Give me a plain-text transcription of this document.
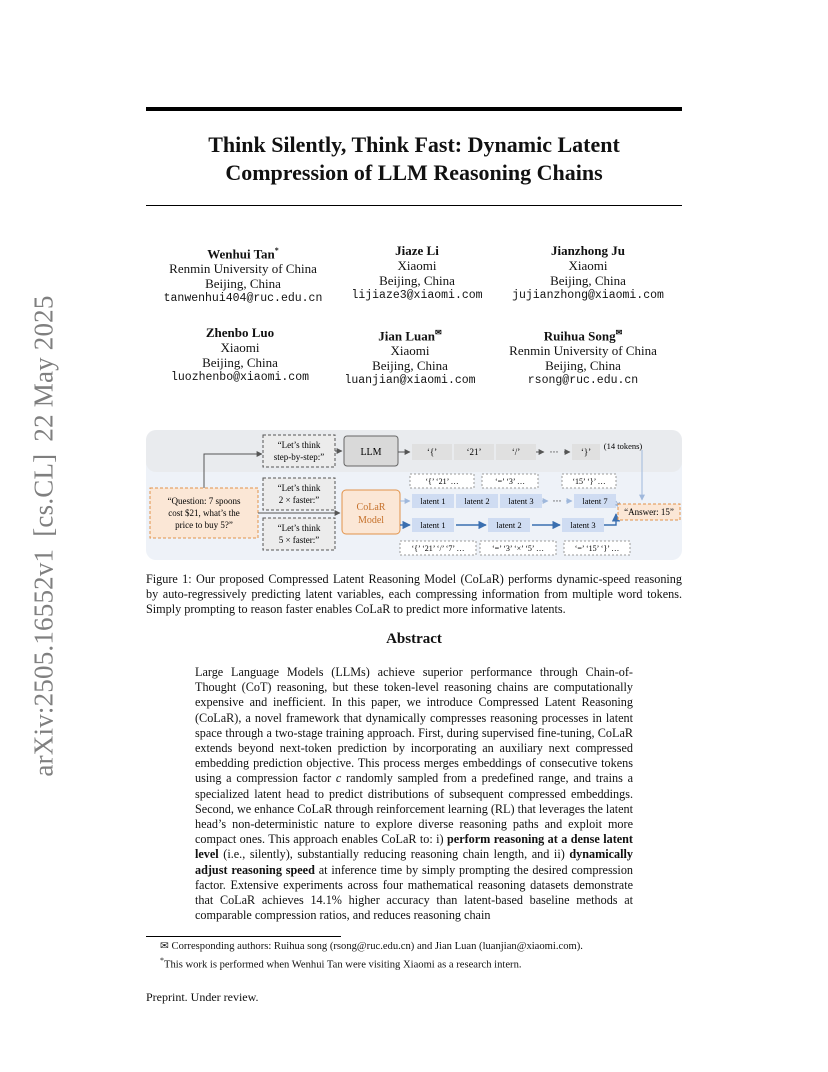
arXiv:2505.16552v1[cs.CL]22 May 2025
Think Silently, Think Fast: Dynamic Latent
Compression of LLM Reasoning Chains
Wenhui Tan*
Renmin University of China
Beijing, China
tanwenhui404@ruc.edu.cn
Jiaze Li
Xiaomi
Beijing, China
lijiaze3@xiaomi.com
Jianzhong Ju
Xiaomi
Beijing, China
jujianzhong@xiaomi.com
Zhenbo Luo
Xiaomi
Beijing, China
luozhenbo@xiaomi.com
Jian Luan✉
Xiaomi
Beijing, China
luanjian@xiaomi.com
Ruihua Song✉
Renmin University of China
Beijing, China
rsong@ruc.edu.cn
“Question: 7 spoons
cost $21, what’s the
price to buy 5?”
“Let’s think
step-by-step:”
“Let’s think
2 × faster:”
“Let’s think
5 × faster:”
LLM	‘{’	‘21’	‘/’	··· ‘}’
(14 tokens)
CoLaR
Model
‘{’ ‘21’ …	‘=’ ‘3’ …	‘15’ ‘}’ …
latent 1 latent 2 latent 3 ··· latent 7
latent 1	latent 2	latent 3
‘{’ ‘21’ ‘/’ ‘7’ …	‘=’ ‘3’ ‘×’ ‘5’ …	‘=’ ‘15’ ‘}’ …
“Answer: 15”
Figure 1: Our proposed Compressed Latent Reasoning Model (CoLaR) performs dynamic-speed reasoning by auto-regressively predicting latent variables, each compressing information from multiple word tokens. Simply prompting to reason faster enables CoLaR to predict more informative latents.
Abstract
Large Language Models (LLMs) achieve superior performance through Chain-of-Thought (CoT) reasoning, but these token-level reasoning chains are computationally expensive and inefficient. In this paper, we introduce Compressed Latent Reasoning (CoLaR), a novel framework that dynamically compresses reasoning processes in latent space through a two-stage training approach. First, during supervised fine-tuning, CoLaR extends beyond next-token prediction by incorporating an auxiliary next compressed embedding prediction objective. This process merges embeddings of consecutive tokens using a compression factor c randomly sampled from a predefined range, and trains a specialized latent head to predict distributions of subsequent compressed embeddings. Second, we enhance CoLaR through reinforcement learning (RL) that leverages the latent head’s non-deterministic nature to explore diverse reasoning paths and exploit more compact ones. This approach enables CoLaR to: i) perform reasoning at a dense latent level (i.e., silently), substantially reducing reasoning chain length, and ii) dynamically adjust reasoning speed at inference time by simply prompting the desired compression factor. Extensive experiments across four mathematical reasoning datasets demonstrate that CoLaR achieves 14.1% higher accuracy than latent-based baseline methods at comparable compression ratios, and reduces reasoning chain
✉ Corresponding authors: Ruihua song (rsong@ruc.edu.cn) and Jian Luan (luanjian@xiaomi.com).
*This work is performed when Wenhui Tan were visiting Xiaomi as a research intern.
Preprint. Under review.
